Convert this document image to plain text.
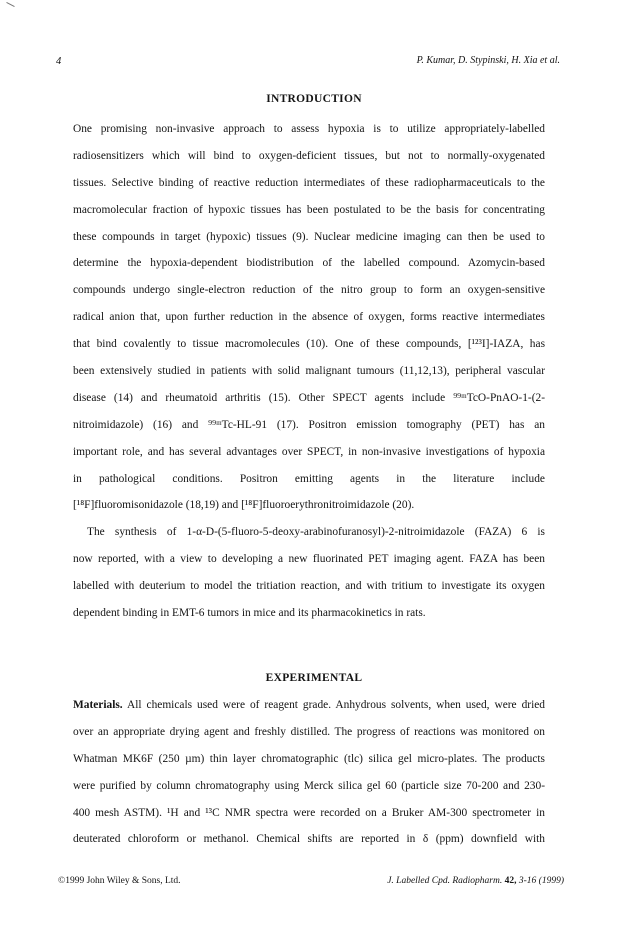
4	P. Kumar, D. Stypinski, H. Xia et al.
INTRODUCTION
One promising non-invasive approach to assess hypoxia is to utilize appropriately-labelled
radiosensitizers which will bind to oxygen-deficient tissues, but not to normally-oxygenated
tissues. Selective binding of reactive reduction intermediates of these radiopharmaceuticals to the
macromolecular fraction of hypoxic tissues has been postulated to be the basis for concentrating
these compounds in target (hypoxic) tissues (9). Nuclear medicine imaging can then be used to
determine the hypoxia-dependent biodistribution of the labelled compound. Azomycin-based
compounds undergo single-electron reduction of the nitro group to form an oxygen-sensitive
radical anion that, upon further reduction in the absence of oxygen, forms reactive intermediates
that bind covalently to tissue macromolecules (10). One of these compounds, [¹²³I]-IAZA, has
been extensively studied in patients with solid malignant tumours (11,12,13), peripheral vascular
disease (14) and rheumatoid arthritis (15). Other SPECT agents include ⁹⁹ᵐTcO-PnAO-1-(2-
nitroimidazole) (16) and ⁹⁹ᵐTc-HL-91 (17). Positron emission tomography (PET) has an
important role, and has several advantages over SPECT, in non-invasive investigations of hypoxia
in pathological conditions. Positron emitting agents in the literature include
[¹⁸F]fluoromisonidazole (18,19) and [¹⁸F]fluoroerythronitroimidazole (20).
The synthesis of 1-α-D-(5-fluoro-5-deoxy-arabinofuranosyl)-2-nitroimidazole (FAZA) 6 is
now reported, with a view to developing a new fluorinated PET imaging agent. FAZA has been
labelled with deuterium to model the tritiation reaction, and with tritium to investigate its oxygen
dependent binding in EMT-6 tumors in mice and its pharmacokinetics in rats.
EXPERIMENTAL
Materials. All chemicals used were of reagent grade. Anhydrous solvents, when used, were dried
over an appropriate drying agent and freshly distilled. The progress of reactions was monitored on
Whatman MK6F (250 µm) thin layer chromatographic (tlc) silica gel micro-plates. The products
were purified by column chromatography using Merck silica gel 60 (particle size 70-200 and 230-
400 mesh ASTM). ¹H and ¹³C NMR spectra were recorded on a Bruker AM-300 spectrometer in
deuterated chloroform or methanol. Chemical shifts are reported in δ (ppm) downfield with
©1999 John Wiley & Sons, Ltd.	J. Labelled Cpd. Radiopharm. 42, 3-16 (1999)
